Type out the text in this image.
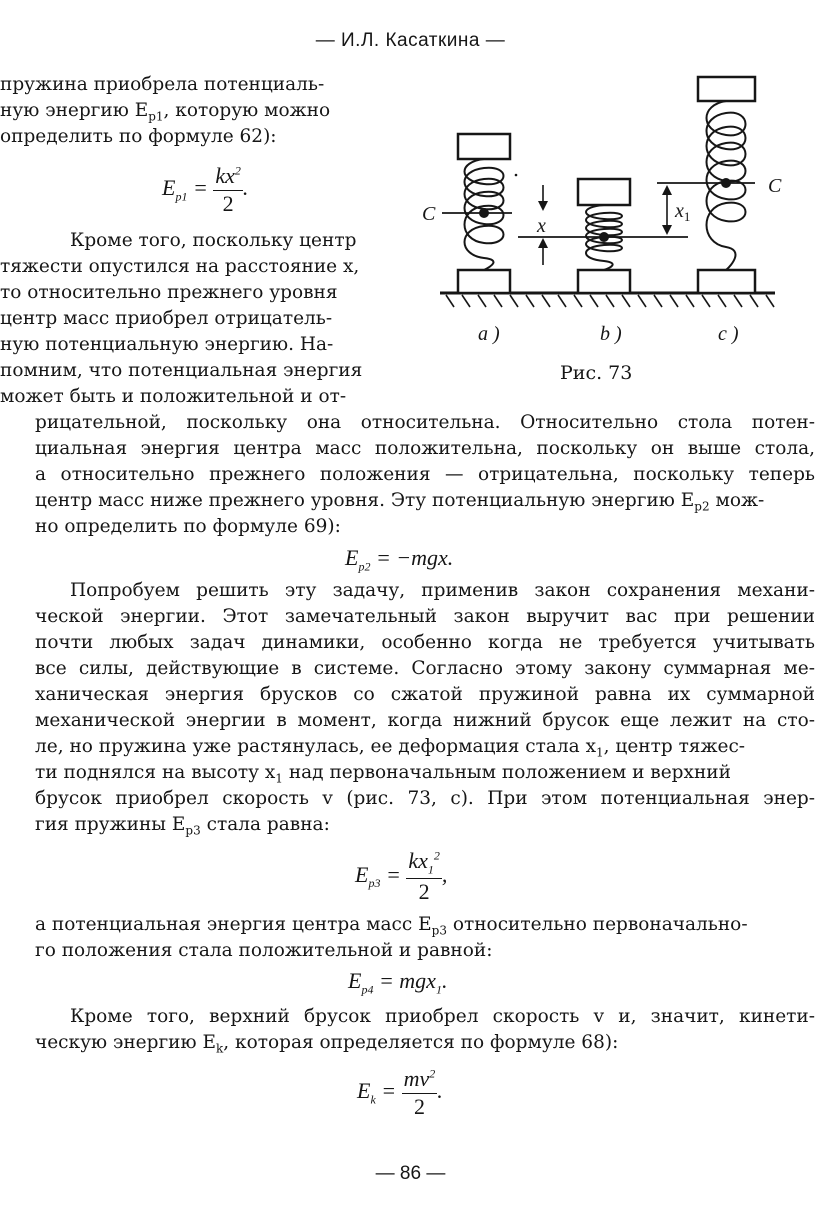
— И.Л. Касаткина —
пружина приобрела потенциаль-
ную энергию $E_{p1}$, которую можно
определить по формуле 62):
$E_{p1} = \frac{kx^2}{2}$ .
Кроме того, поскольку центр
тяжести опустился на расстояние x,
то относительно прежнего уровня
центр масс приобрел отрицатель-
ную потенциальную энергию. На-
помним, что потенциальная энергия
может быть и положительной и от-
C
C
x
$x_1$
a )	b )	c )
Рис. 73
рицательной, поскольку она относительна. Относительно стола потен-
циальная энергия центра масс положительна, поскольку он выше стола,
а относительно прежнего положения — отрицательна, поскольку теперь
центр масс ниже прежнего уровня. Эту потенциальную энергию $E_{p2}$ мож-
но определить по формуле 69):
$E_{p2} = -mgx$.
Попробуем решить эту задачу, применив закон сохранения механи-
ческой энергии. Этот замечательный закон выручит вас при решении
почти любых задач динамики, особенно когда не требуется учитывать
все силы, действующие в системе. Согласно этому закону суммарная ме-
ханическая энергия брусков со сжатой пружиной равна их суммарной
механической энергии в момент, когда нижний брусок еще лежит на сто-
ле, но пружина уже растянулась, ее деформация стала $x_1$, центр тяжес-
ти поднялся на высоту $x_1$ над первоначальным положением и верхний
брусок приобрел скорость v (рис. 73, c). При этом потенциальная энер-
гия пружины $E_{p3}$ стала равна:
$E_{p3} = \frac{kx_1^2}{2}$ ,
а потенциальная энергия центра масс $E_{p3}$ относительно первоначально-
го положения стала положительной и равной:
$E_{p4} = mgx_1$.
Кроме того, верхний брусок приобрел скорость v и, значит, кинети-
ческую энергию $E_k$, которая определяется по формуле 68):
$E_k = \frac{mv^2}{2}$ .
— 86 —
